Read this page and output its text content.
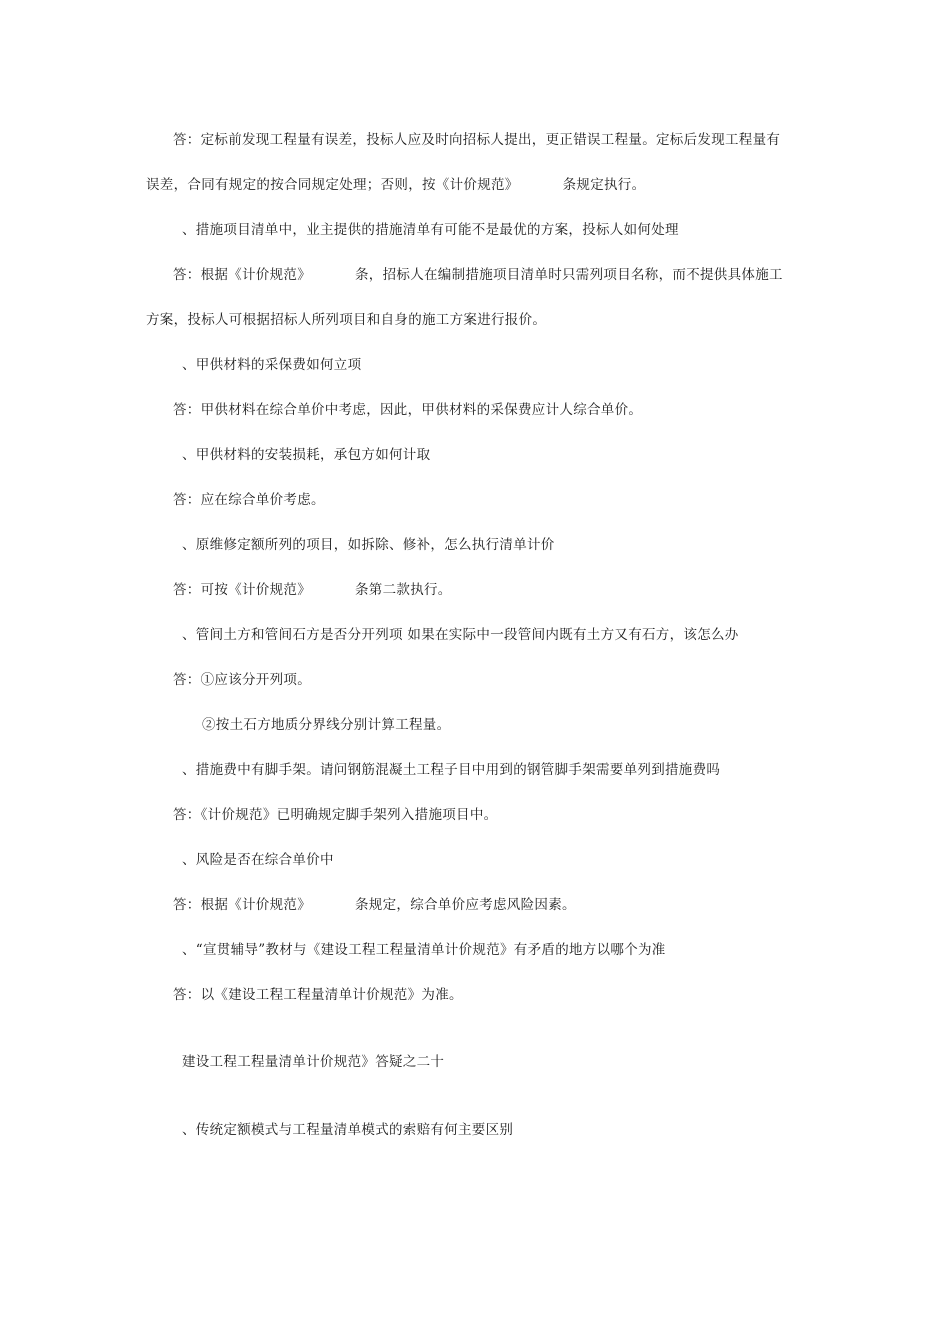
答：定标前发现工程量有误差，投标人应及时向招标人提出，更正错误工程量。定标后发现工程量有
误差，合同有规定的按合同规定处理；否则，按《计价规范》	条规定执行。
、措施项目清单中，业主提供的措施清单有可能不是最优的方案，投标人如何处理
答：根据《计价规范》	条，招标人在编制措施项目清单时只需列项目名称，而不提供具体施工
方案，投标人可根据招标人所列项目和自身的施工方案进行报价。
、甲供材料的采保费如何立项
答：甲供材料在综合单价中考虑，因此，甲供材料的采保费应计人综合单价。
、甲供材料的安装损耗，承包方如何计取
答：应在综合单价考虑。
、原维修定额所列的项目，如拆除、修补，怎么执行清单计价
答：可按《计价规范》	条第二款执行。
、管间土方和管间石方是否分开列项 如果在实际中一段管间内既有土方又有石方，该怎么办
答：①应该分开列项。
②按土石方地质分界线分别计算工程量。
、措施费中有脚手架。请问钢筋混凝土工程子目中用到的钢管脚手架需要单列到措施费吗
答：《计价规范》已明确规定脚手架列入措施项目中。
、风险是否在综合单价中
答：根据《计价规范》	条规定，综合单价应考虑风险因素。
、“宣贯辅导”教材与《建设工程工程量清单计价规范》有矛盾的地方以哪个为准
答：以《建设工程工程量清单计价规范》为准。
建设工程工程量清单计价规范》答疑之二十
、传统定额模式与工程量清单模式的索赔有何主要区别
